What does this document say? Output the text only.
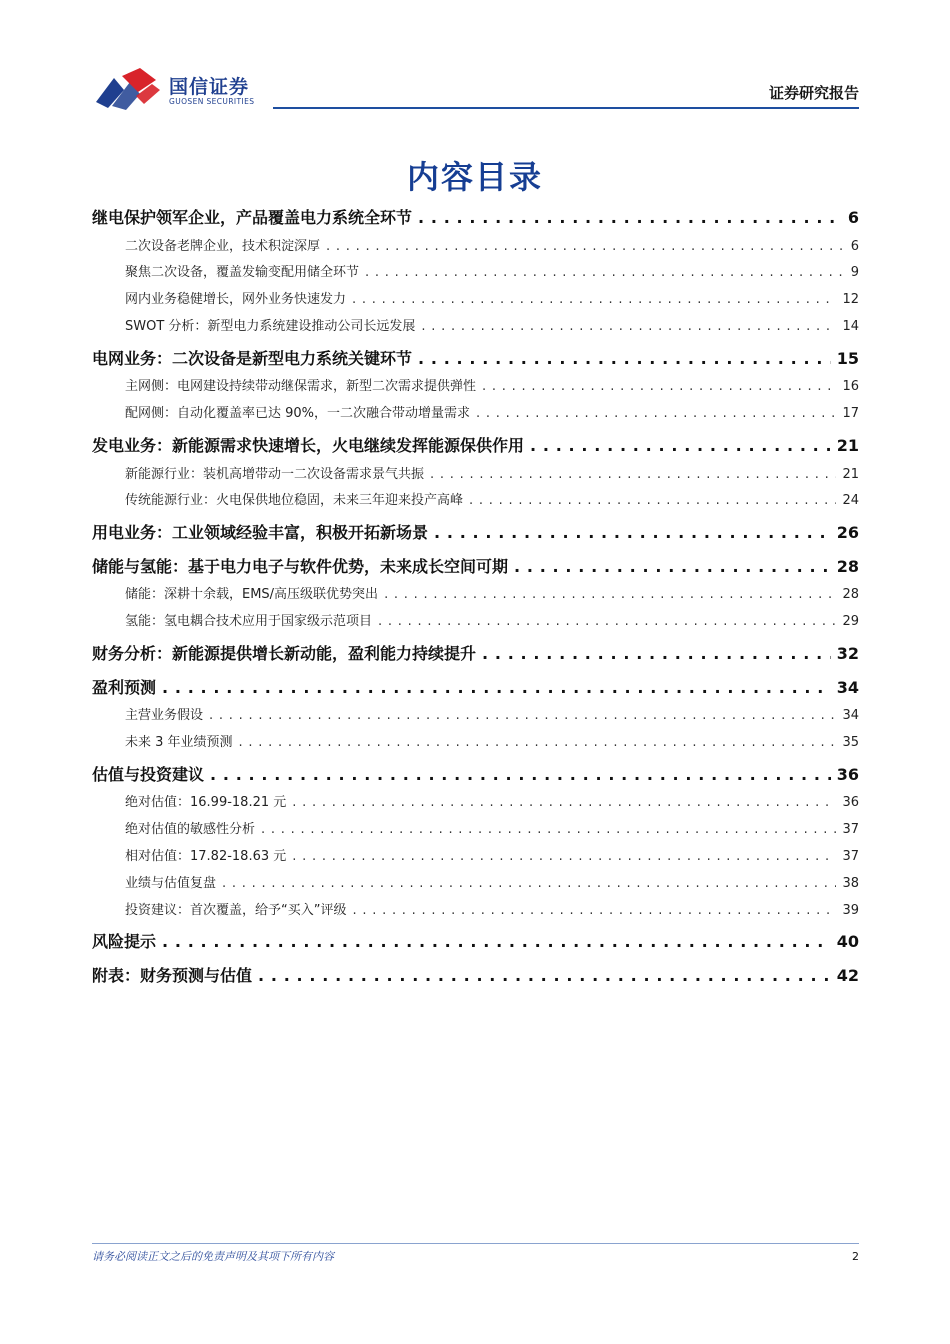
国信证券
GUOSEN SECURITIES	证券研究报告
内容目录
继电保护领军企业，产品覆盖电力系统全环节 . . .	6
二次设备老牌企业，技术积淀深厚 . . .	6
聚焦二次设备，覆盖发输变配用储全环节 . . .	9
网内业务稳健增长，网外业务快速发力 . . .	12
SWOT 分析：新型电力系统建设推动公司长远发展 . . .	14
电网业务：二次设备是新型电力系统关键环节 . . .	15
主网侧：电网建设持续带动继保需求，新型二次需求提供弹性 . . .	16
配网侧：自动化覆盖率已达 90%，一二次融合带动增量需求 . . .	17
发电业务：新能源需求快速增长，火电继续发挥能源保供作用 . . .	21
新能源行业：装机高增带动一二次设备需求景气共振 . . .	21
传统能源行业：火电保供地位稳固，未来三年迎来投产高峰 . . .	24
用电业务：工业领域经验丰富，积极开拓新场景 . . .	26
储能与氢能：基于电力电子与软件优势，未来成长空间可期 . . .	28
储能：深耕十余载，EMS/高压级联优势突出 . . .	28
氢能：氢电耦合技术应用于国家级示范项目 . . .	29
财务分析：新能源提供增长新动能，盈利能力持续提升 . . .	32
盈利预测 . . .	34
主营业务假设 . . .	34
未来 3 年业绩预测 . . .	35
估值与投资建议 . . .	36
绝对估值：16.99-18.21 元 . . .	36
绝对估值的敏感性分析 . . .	37
相对估值：17.82-18.63 元 . . .	37
业绩与估值复盘 . . .	38
投资建议：首次覆盖，给予“买入”评级 . . .	39
风险提示 . . .	40
附表：财务预测与估值 . . .	42
请务必阅读正文之后的免责声明及其项下所有内容	2
